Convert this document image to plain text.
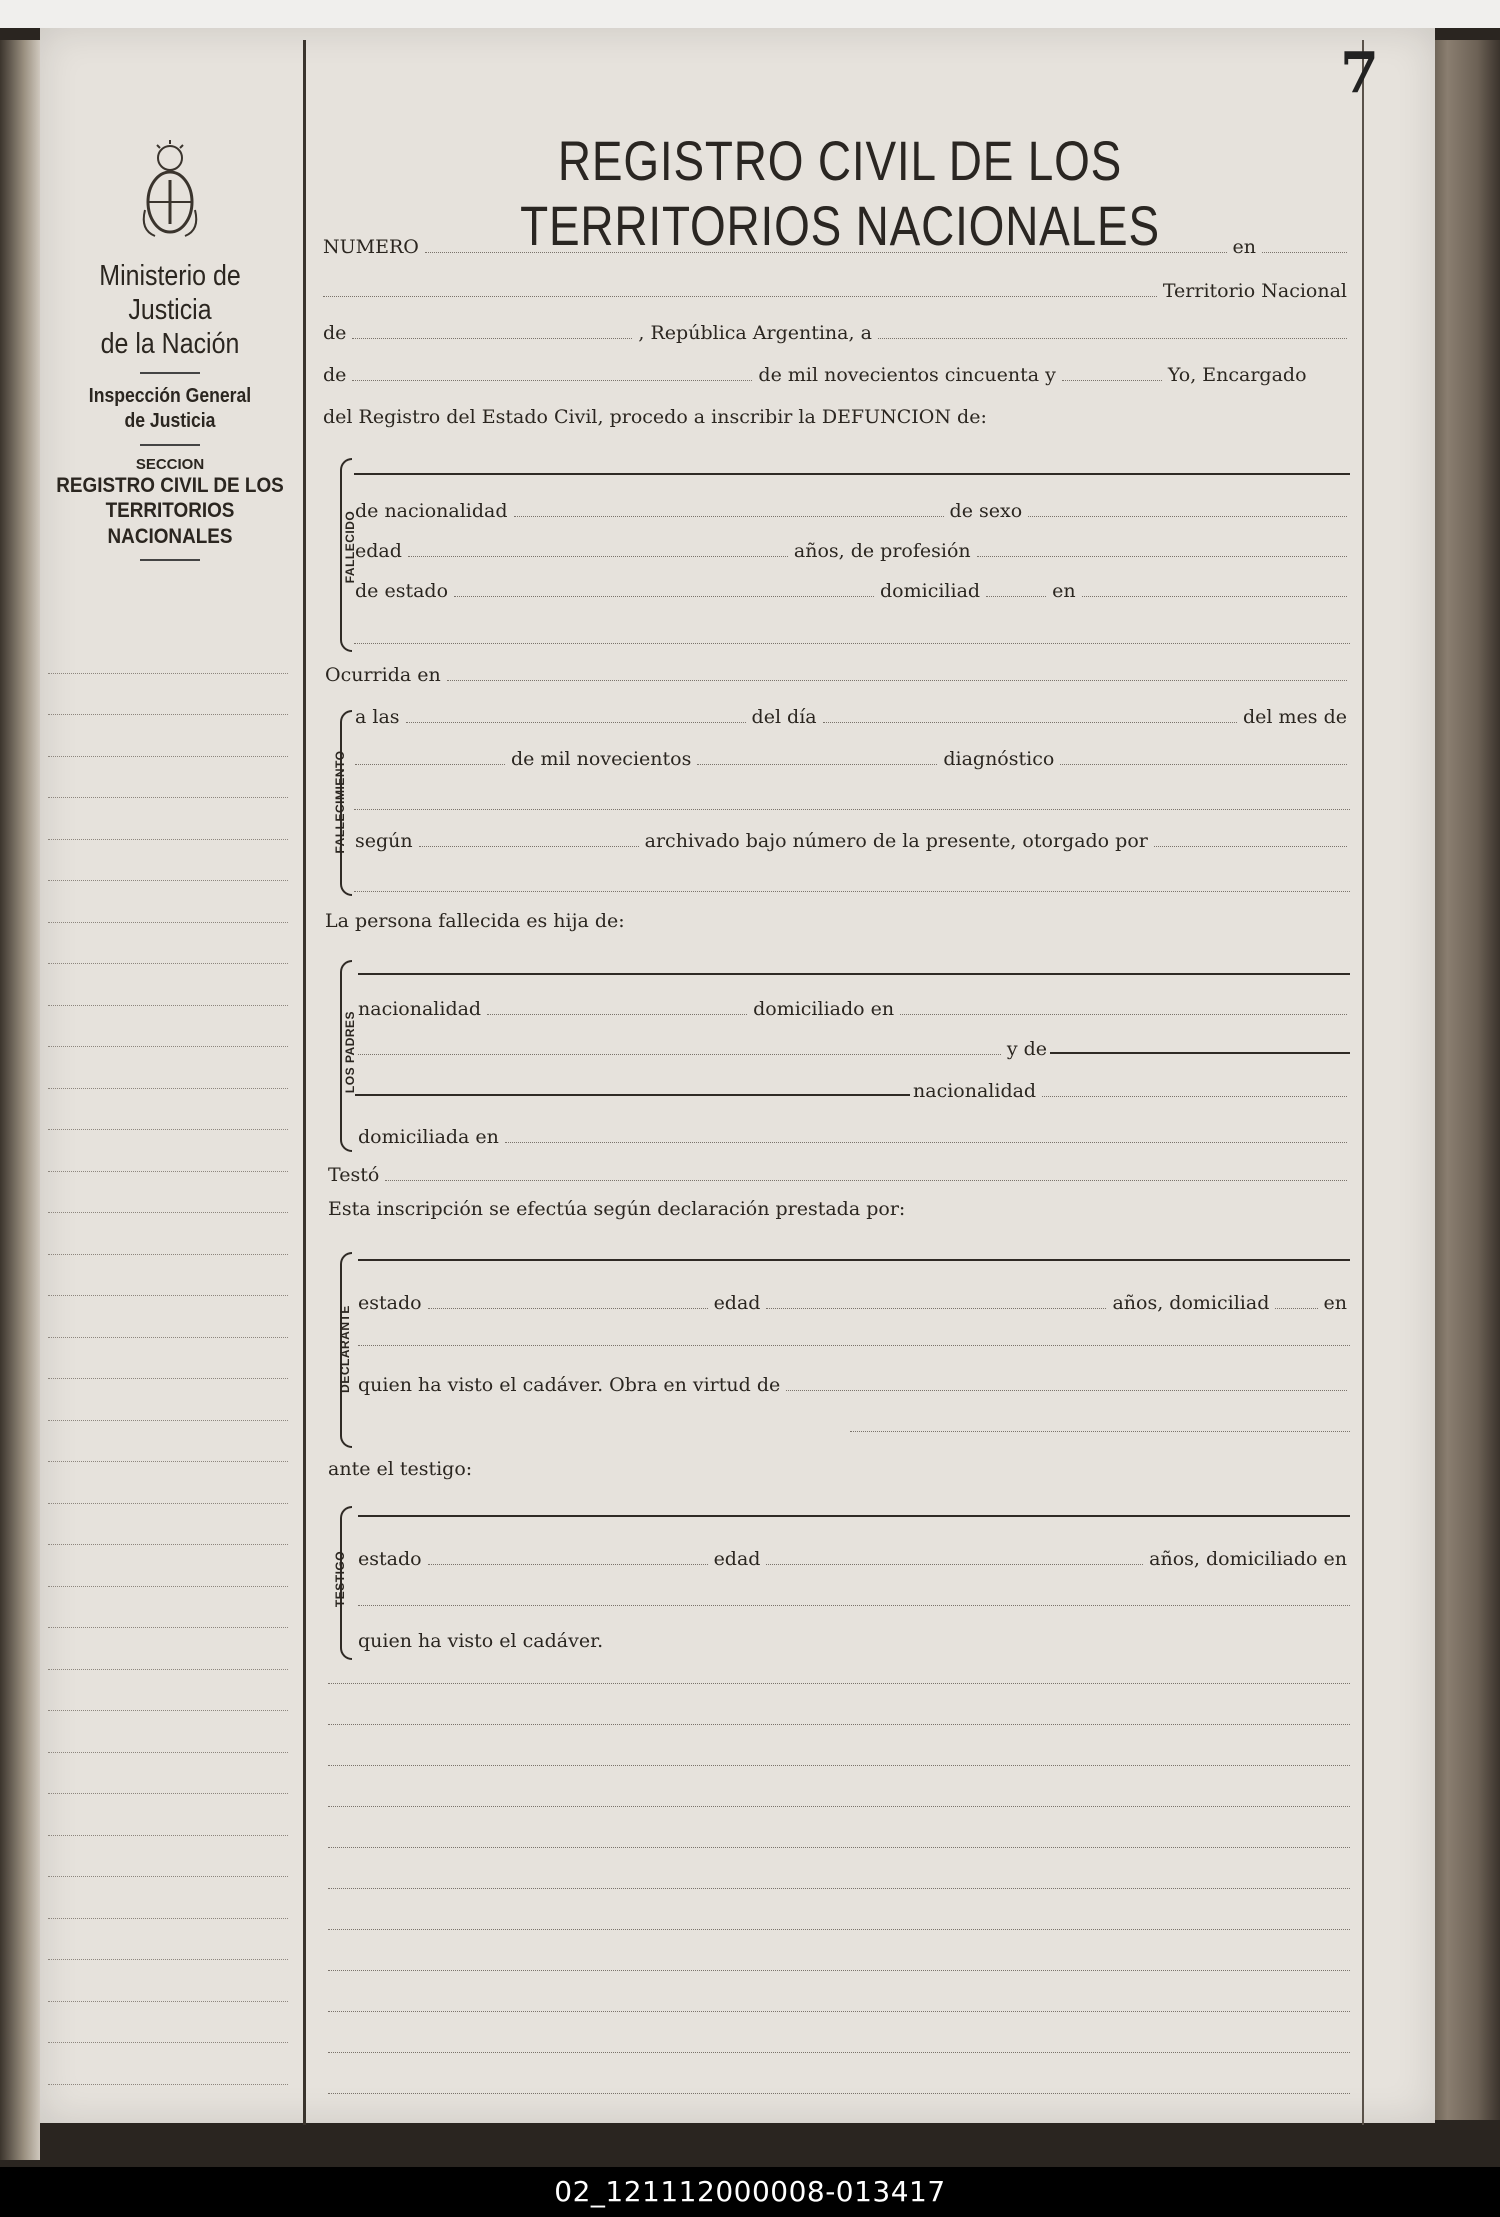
7
Ministerio de Justicia
de la Nación
Inspección General
de Justicia
SECCION
REGISTRO CIVIL DE LOS
TERRITORIOS NACIONALES
REGISTRO CIVIL DE LOS TERRITORIOS NACIONALES
NUMERO	en
Territorio Nacional
de	, República Argentina, a
de	de mil novecientos cincuenta y	Yo, Encargado
del Registro del Estado Civil, procedo a inscribir la DEFUNCION de:
FALLECIDO
de nacionalidad	de sexo
edad	años, de profesión
de estado	domiciliad	en
Ocurrida en
FALLECIMIENTO
a las	del día	del mes de
de mil novecientos	diagnóstico
según	archivado bajo número de la presente, otorgado por
La persona fallecida es hija de:
LOS PADRES
nacionalidad	domiciliado en
y de
nacionalidad
domiciliada en
Testó
Esta inscripción se efectúa según declaración prestada por:
DECLARANTE
estado	edad	años, domiciliad	en
quien ha visto el cadáver. Obra en virtud de
ante el testigo:
TESTIGO estado	edad	años, domiciliado en
quien ha visto el cadáver.
02_121112000008-013417
